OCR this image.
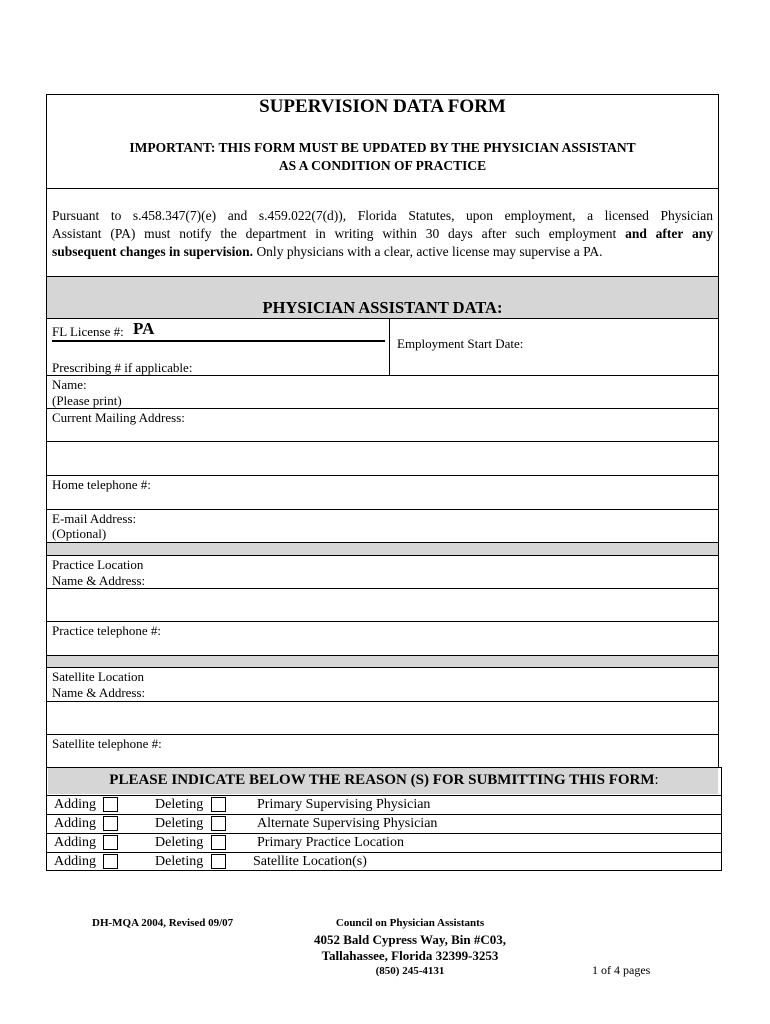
SUPERVISION DATA FORM
IMPORTANT: THIS FORM MUST BE UPDATED BY THE PHYSICIAN ASSISTANT
AS A CONDITION OF PRACTICE
Pursuant to s.458.347(7)(e) and s.459.022(7(d)), Florida Statutes, upon employment, a licensed Physician
Assistant (PA) must notify the department in writing within 30 days after such employment and after any
subsequent changes in supervision. Only physicians with a clear, active license may supervise a PA.
PHYSICIAN ASSISTANT DATA:
FL License #: PA
Employment Start Date:
Prescribing # if applicable:
Name:
(Please print)
Current Mailing Address:
Home telephone #:
E-mail Address:
(Optional)
Practice Location
Name & Address:
Practice telephone #:
Satellite Location
Name & Address:
Satellite telephone #:
PLEASE INDICATE BELOW THE REASON (S) FOR SUBMITTING THIS FORM:
Adding	Deleting	Primary Supervising Physician
Adding	Deleting	Alternate Supervising Physician
Adding	Deleting	Primary Practice Location
Adding	Deleting	Satellite Location(s)
DH-MQA 2004, Revised 09/07	Council on Physician Assistants
4052 Bald Cypress Way, Bin #C03,
Tallahassee, Florida 32399-3253
(850) 245-4131	1 of 4 pages
